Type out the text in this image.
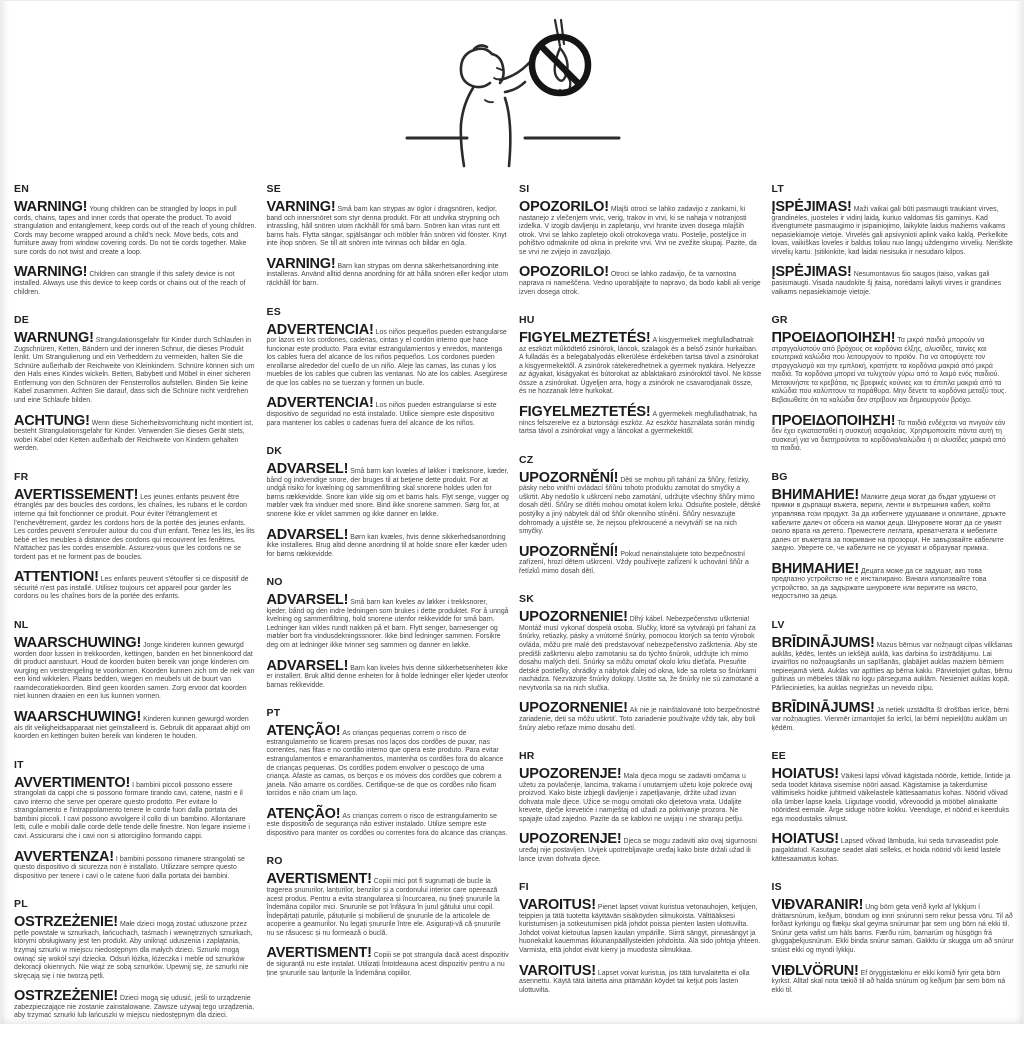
EN

WARNING! Young children can be strangled by loops in pull cords, chains, tapes and inner cords that operate the product. To avoid strangulation and entanglement, keep cords out of the reach of young children. Cords may become wrapped around a child's neck. Move beds, cots and furniture away from window covering cords. Do not tie cords together. Make sure cords do not twist and create a loop.

WARNING! Children can strangle if this safety device is not installed. Always use this device to keep cords or chains out of the reach of children.

DE

WARNUNG! Strangulationsgefahr für Kinder durch Schlaufen in Zugschnüren, Ketten, Bändern und der inneren Schnur, die dieses Produkt lenkt. Um Strangulierung und ein Verheddern zu vermeiden, halten Sie die Schnüre außerhalb der Reichweite von Kleinkindern. Schnüre können sich um den Hals eines Kindes wickeln. Betten, Babybett und Möbel in einer sicheren Entfernung von den Schnüren der Fensterrollos aufstellen. Binden Sie keine Kabel zusammen. Achten Sie darauf, dass sich die Schnüre nicht verdrehen und eine Schlaufe bilden.

ACHTUNG! Wenn diese Sicherheitsvorrichtung nicht montiert ist, besteht Strangulationsgefahr für Kinder. Verwenden Sie dieses Gerät stets, wobei Kabel oder Ketten außerhalb der Reichweite von Kindern gehalten werden.

FR

AVERTISSEMENT! Les jeunes enfants peuvent être étranglés par des boucles des cordons, les chaînes, les rubans et le cordon interne qui fait fonctionner ce produit. Pour éviter l'étranglement et l'enchevêtrement, gardez les cordons hors de la portée des jeunes enfants. Les cordes peuvent s'enrouler autour du cou d'un enfant. Tenez les lits, les lits bébé et les meubles à distance des cordons qui recouvrent les fenêtres. N'attachez pas les cordes ensemble. Assurez-vous que les cordons ne se tordent pas et ne forment pas de boucles.

ATTENTION! Les enfants peuvent s'étouffer si ce dispositif de sécurité n'est pas installé. Utilisez toujours cet appareil pour garder les cordons ou les chaînes hors de la portée des enfants.

NL

WAARSCHUWING! Jonge kinderen kunnen gewurgd worden door lussen in trekkoorden, kettingen, banden en het binnenkoord dat dit product aanstuurt. Houd de koorden buiten bereik van jonge kinderen om wurging en verstrengeling te voorkomen. Koorden kunnen zich om de nek van een kind wikkelen. Plaats bedden, wiegen en meubels uit de buurt van raamdecoratiekoorden. Bind geen koorden samen. Zorg ervoor dat koorden niet kunnen draaien en een lus kunnen vormen.

WAARSCHUWING! Kinderen kunnen gewurgd worden als dit veiligheidsapparaat niet geïnstalleerd is. Gebruik dit apparaat altijd om koorden en kettingen buiten bereik van kinderen te houden.

IT

AVVERTIMENTO! I bambini piccoli possono essere strangolati da cappi che si possono formare tirando cavi, catene, nastri e il cavo interno che serve per operare questo prodotto. Per evitare lo strangolamento e l'intrappolamento tenere le corde fuori dalla portata dei bambini piccoli. I cavi possono avvolgere il collo di un bambino. Allontanare letti, culle e mobili dalle corde delle tende delle finestre. Non legare insieme i cavi. Assicurarsi che i cavi non si attorciglino formando cappi.

AVVERTENZA! I bambini possono rimanere strangolati se questo dispositivo di sicurezza non è installato. Utilizzare sempre questo dispositivo per tenere i cavi o le catene fuori dalla portata dei bambini.

PL

OSTRZEŻENIE! Małe dzieci mogą zostać uduszone przez pętle powstałe w sznurkach, łańcuchach, taśmach i wewnętrznych sznurkach, którymi obsługiwany jest ten produkt. Aby uniknąć uduszenia i zaplątania, trzymaj sznurki w miejscu niedostępnym dla małych dzieci. Sznurki mogą owinąć się wokół szyi dziecka. Odsuń łóżka, łóżeczka i meble od sznurków dekoracji okiennych. Nie wiąż ze sobą sznurków. Upewnij się, że sznurki nie skręcają się i nie tworzą pętli.

OSTRZEŻENIE! Dzieci mogą się udusić, jeśli to urządzenie zabezpieczające nie zostanie zainstalowane. Zawsze używaj tego urządzenia, aby trzymać sznurki lub łańcuszki w miejscu niedostępnym dla dzieci.

SE

VARNING! Små barn kan strypas av öglor i dragsnören, kedjor, band och innersnöret som styr denna produkt. För att undvika strypning och intrassling, håll snören utom räckhåll för små barn. Snören kan viras runt ett barns hals. Flytta sängar, spjälsängar och möbler från snören vid fönster. Knyt inte ihop snören. Se till att snören inte tvinnas och bildar en ögla.

VARNING! Barn kan strypas om denna säkerhetsanordning inte installeras. Använd alltid denna anordning för att hålla snören eller kedjor utom räckhåll för barn.

ES

ADVERTENCIA! Los niños pequeños pueden estrangularse por lazos en los cordones, cadenas, cintas y el cordón interno que hace funcionar este producto. Para evitar estrangulamientos y enredos, mantenga los cables fuera del alcance de los niños pequeños. Los cordones pueden enrollarse alrededor del cuello de un niño. Aleje las camas, las cunas y los muebles de los cables que cubren las ventanas. No ate los cables. Asegúrese de que los cables no se tuerzan y formen un bucle.

ADVERTENCIA! Los niños pueden estrangularse si este dispositivo de seguridad no está instalado. Utilice siempre este dispositivo para mantener los cables o cadenas fuera del alcance de los niños.

DK

ADVARSEL! Små børn kan kvæles af løkker i træksnore, kæder, bånd og indvendige snore, der bruges til at betjene dette produkt. For at undgå risiko for kvælning og sammenfiltring skal snorene holdes uden for børns rækkevidde. Snore kan vikle sig om et barns hals. Flyt senge, vugger og møbler væk fra vinduer med snore. Bind ikke snorene sammen. Sørg for, at snorene ikke er viklet sammen og ikke danner en løkke.

ADVARSEL! Børn kan kvæles, hvis denne sikkerhedsanordning ikke installeres. Brug altid denne anordning til at holde snore eller kæder uden for børns rækkevidde.

NO

ADVARSEL! Små barn kan kveles av løkker i trekksnorer, kjeder, bånd og den indre ledningen som brukes i dette produktet. For å unngå kvelning og sammenfiltring, hold snorene utenfor rekkevidde for små barn. Ledninger kan vikles rundt nakken på et barn. Flytt senger, barnesenger og møbler bort fra vindusdekningssnorer. Ikke bind ledninger sammen. Forsikre deg om at ledninger ikke tvinner seg sammen og danner en løkke.

ADVARSEL! Barn kan kveles hvis denne sikkerhetsenheten ikke er installert. Bruk alltid denne enheten for å holde ledninger eller kjeder utenfor barnas rekkevidde.

PT

ATENÇÃO! As crianças pequenas correm o risco de estrangulamento se ficarem presas nos laços dos cordões de puxar, nas correntes, nas fitas e no cordão interno que opera este produto. Para evitar estrangulamentos e emaranhamentos, mantenha os cordões fora do alcance de crianças pequenas. Os cordões podem envolver o pescoço de uma criança. Afaste as camas, os berços e os móveis dos cordões que cobrem a janela. Não amarre os cordões. Certifique-se de que os cordões não ficam torcidos e não criam um laço.

ATENÇÃO! As crianças correm o risco de estrangulamento se este dispositivo de segurança não estiver instalado. Utilize sempre este dispositivo para manter os cordões ou correntes fora do alcance das crianças.

RO

AVERTISMENT! Copiii mici pot fi sugrumați de bucle la tragerea șnururilor, lanțurilor, benzilor și a cordonului interior care operează acest produs. Pentru a evita strangularea și încurcarea, nu țineți șnururile la îndemâna copiilor mici. Șnururile se pot înfășura în jurul gâtului unui copil. Îndepărtați paturile, pătuțurile și mobilierul de șnururile de la articolele de acoperire a geamurilor. Nu legați șnururile între ele. Asigurați-vă că șnururile nu se răsucesc și nu formează o buclă.

AVERTISMENT! Copiii se pot strangula dacă acest dispozitiv de siguranță nu este instalat. Utilizați întotdeauna acest dispozitiv pentru a nu ține șnururile sau lanțurile la îndemâna copiilor.

SI

OPOZORILO! Mlajši otroci se lahko zadavijo z zankami, ki nastanejo z vlečenjem vrvic, verig, trakov in vrvi, ki se nahaja v notranjosti izdelka. V izogib davljenju in zapletanju, vrvi hranite izven dosega mlajših otrok. Vrvi se lahko zapletejo okoli otrokovega vratu. Postelje, posteljice in pohištvo odmaknite od okna in prekrite vrvi. Vrvi ne zvežite skupaj. Pazite, da se vrvi ne zvijejo in zavozljajo.

OPOZORILO! Otroci se lahko zadavijo, če ta varnostna naprava ni nameščena. Vedno uporabljajte to napravo, da bodo kabli ali verige izven dosega otrok.

HU

FIGYELMEZTETÉS! A kisgyermekek megfulladhatnak az eszközt működtető zsinórok, láncok, szalagok és a belső zsinór hurkaiban. A fulladás és a belegabalyodás elkerülése érdekében tartsa távol a zsinórokat a kisgyermekektől. A zsinórok rátekeredhetnek a gyermek nyakára. Helyezze az ágyakat, kiságyakat és bútorokat az ablaktakaró zsinóroktól távol. Ne kösse össze a zsinórokat. Ügyeljen arra, hogy a zsinórok ne csavarodjanak össze, és ne hozzanak létre hurkokat.

FIGYELMEZTETÉS! A gyermekek megfulladhatnak, ha nincs felszerelve ez a biztonsági eszköz. Az eszköz használata során mindig tartsa távol a zsinórokat vagy a láncokat a gyermekektől.

CZ

UPOZORNĚNÍ! Děti se mohou při tahání za šňůry, řetízky, pásky nebo vnitřní ovládací šňůru tohoto produktu zamotat do smyčky a uškrtit. Aby nedošlo k uškrcení nebo zamotání, udržujte všechny šňůry mimo dosah dětí. Šňůry se dítěti mohou omotat kolem krku. Odsuňte postele, dětské postýlky a jiný nábytek dál od šňůr okenního stínění. Šňůry nesvazujte dohromady a ujistěte se, že nejsou překroucené a nevytváří se na nich smyčky.

UPOZORNĚNÍ! Pokud nenainstalujete toto bezpečnostní zařízení, hrozí dětem uškrcení. Vždy používejte zařízení k uchování šňůr a řetízků mimo dosah dětí.

SK

UPOZORNENIE! Dlhý kábel. Nebezpečenstvo uškrtenia! Montáž musí vykonať dospelá osoba. Slučky, ktoré sa vytvárajú pri ťahaní za šnúrky, retiazky, pásky a vnútorné šnúrky, pomocou ktorých sa tento výrobok ovláda, môžu pre malé deti predstavovať nebezpečenstvo zaškrtenia. Aby ste predišli zaškrteniu alebo zamotaniu sa do týchto šnúrok, udržujte ich mimo dosahu malých detí. Šnúrky sa môžu omotať okolo krku dieťaťa. Presuňte detské postieľky, ohrádky a nábytok ďalej od okna, kde sa roleta so šnúrkami nachádza. Nezväzujte šnúrky dokopy. Uistite sa, že šnúrky nie sú zamotané a nevytvorila sa na nich slučka.

UPOZORNENIE! Ak nie je nainštalované toto bezpečnostné zariadenie, deti sa môžu uškrtiť. Toto zariadenie používajte vždy tak, aby boli šnúry alebo reťaze mimo dosahu detí.

HR

UPOZORENJE! Mala djeca mogu se zadaviti omčama u užetu za povlačenje, lancima, trakama i unutarnjem užetu koje pokreće ovaj proizvod. Kako biste izbjegli davljenje i zapetljavanje, držite užad izvan dohvata male djece. Užice se mogu omotati oko djetetova vrata. Udaljite krevete, dječje krevetiće i namještaj od užadi za pokrivanje prozora. Ne spajajte užad zajedno. Pazite da se kablovi ne uvijaju i ne stvaraju petlju.

UPOZORENJE! Djeca se mogu zadaviti ako ovaj sigurnosni uređaj nije postavljen. Uvijek upotrebljavajte uređaj kako biste držali užad ili lance izvan dohvata djece.

FI

VAROITUS! Pienet lapset voivat kuristua vetonauhojen, ketjujen, teippien ja tätä tuotetta käyttävän sisäköyden silmukoista. Välttääksesi kuristumisen ja sotkeutumisen pidä johdot poissa pienten lasten ulottuvilta. Johdot voivat kietoutua lapsen kaulan ympärille. Siirrä sängyt, pinnasängyt ja huonekalut kauemmas ikkunanpäällysteiden johdoista. Älä sido johtoja yhteen. Varmista, että johdot eivät kierry ja muodosta silmukkaa.

VAROITUS! Lapset voivat kuristua, jos tätä turvalaitetta ei olla asennettu. Käytä tätä laitetta aina pitämään köydet tai ketjut pois lasten ulottuvilta.

LT

ĮSPĖJIMAS! Maži vaikai gali būti pasmaugti traukiant virves, grandinėles, juosteles ir vidinį laidą, kuriuo valdomas šis gaminys. Kad išvengtumėte pasmaugimo ir įsipainiojimo, laikykite laidus mažiems vaikams nepasiekiamoje vietoje. Virvelės gali apsivynioti aplink vaiko kaklą. Perkelkite lovas, vaikiškas loveles ir baldus toliau nuo langų uždengimo virvelių. Neriškite virvelių kartu. Įsitikinkite, kad laidai nesisuka ir nesudaro kilpos.

ĮSPĖJIMAS! Nesumontavus šio saugos įtaiso, vaikas gali pasismaugti. Visada naudokite šį įtaisą, norėdami laikyti virves ir grandines vaikams nepasiekiamoje vietoje.

GR

ΠΡΟΕΙΔΟΠΟΙΗΣΗ! Τα μικρά παιδιά μπορούν να στραγγαλιστούν από βρόχους σε κορδόνια έλξης, αλυσίδες, ταινίες και εσωτερικά καλώδια που λειτουργούν το προϊόν. Για να αποφύγετε τον στραγγαλισμό και την εμπλοκή, κρατήστε τα κορδόνια μακριά από μικρά παιδιά. Τα κορδόνια μπορεί να τυλιχτούν γύρω από το λαιμό ενός παιδιού. Μετακινήστε τα κρεβάτια, τις βρεφικές κούνιες και τα έπιπλα μακριά από τα καλώδια που καλύπτουν τα παράθυρα. Μην δένετε τα κορδόνια μεταξύ τους. Βεβαιωθείτε ότι τα καλώδια δεν στρίβουν και δημιουργούν βρόχο.

ΠΡΟΕΙΔΟΠΟΙΗΣΗ! Τα παιδιά ενδέχεται να πνιγούν εάν δεν έχει εγκατασταθεί η συσκευή ασφαλείας. Χρησιμοποιείτε πάντα αυτή τη συσκευή για να διατηρούνται τα κορδόνια/καλώδια ή οι αλυσίδες μακριά από τα παιδιά.

BG

ВНИМАНИЕ! Малките деца могат да бъдат удушени от примки в дърпащи въжета, вериги, ленти и вътрешния кабел, който управлява този продукт. За да избегнете удушаване и оплитане, дръжте кабелите далеч от обсега на малки деца. Шнуровете могат да се увият около врата на детето. Преместете леглата, креватчетата и мебелите далеч от въжетата за покриване на прозорци. Не завързвайте кабелите заедно. Уверете се, че кабелите не се усукват и образуват примка.

ВНИМАНИЕ! Децата може да се задушат, ако това предпазно устройство не е инсталирано. Винаги използвайте това устройство, за да задържате шнуровете или веригите на място, недостъпно за деца.

LV

BRĪDINĀJUMS! Mazus bērnus var nožņaugt cilpas vilkšanas auklās, ķēdēs, lentēs un iekšējā auklā, kas darbina šo izstrādājumu. Lai izvairītos no nožņaugšanās un sapīšanās, glabājiet auklas maziem bērniem nepieejamā vietā. Auklas var aptīties ap bērna kaklu. Pārvietojiet gultas, bērnu gultiņas un mēbeles tālāk no logu pārseguma auklām. Nesieniet auklas kopā. Pārliecinieties, ka auklas negriežas un neveido cilpu.

BRĪDINĀJUMS! Ja netiek uzstādīta šī drošības ierīce, bērni var nožņaugties. Vienmēr izmantojiet šo ierīci, lai bērni nepiekļūtu auklām un ķēdēm.

EE

HOIATUS! Väikesi lapsi võivad kägistada nöörde, kettide, lintide ja seda toodet käitava sisemise nööri aasad. Kägistamise ja takerdumise vältimiseks hoidke juhtmeid väikelastele kättesaamatus kohas. Nöörid võivad olla ümber lapse kaela. Liigutage voodid, võrevoodid ja mööbel aknakatte nööridest eemale. Ärge siduge nööre kokku. Veenduge, et nöörid ei keerduks ega moodustaks silmust.

HOIATUS! Lapsed võivad lämbuda, kui seda turvaseadist pole paigaldatud. Kasutage seadet alati selleks, et hoida nöörid või ketid lastele kättesaamatus kohas.

IS

VIÐVARANIR! Ung börn geta verið kyrkt af lykkjum í dráttarsnúrum, keðjum, böndum og innri snúrunni sem rekur þessa vöru. Til að forðast kyrkingu og flækju skal geyma snúrurnar þar sem ung börn ná ekki til. Snúrur geta vafist um háls barns. Færðu rúm, barnarúm og húsgögn frá gluggaþekjusnúrum. Ekki binda snúrur saman. Gakktu úr skugga um að snúrur snúist ekki og myndi lykkju.

VIÐLVÖRUN! Ef öryggistækinu er ekki komið fyrir geta börn kyrkst. Alltaf skal nota tækið til að halda snúrum og keðjum þar sem börn ná ekki til.
